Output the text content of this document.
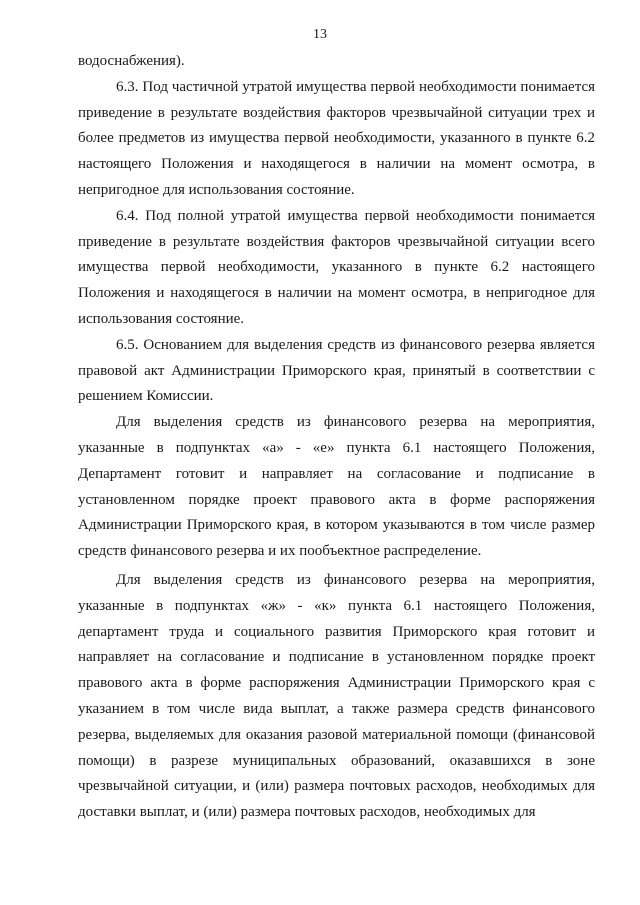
13

водоснабжения).

6.3. Под частичной утратой имущества первой необходимости понимается приведение в результате воздействия факторов чрезвычайной ситуации трех и более предметов из имущества первой необходимости, указанного в пункте 6.2 настоящего Положения и находящегося в наличии на момент осмотра, в непригодное для использования состояние.

6.4. Под полной утратой имущества первой необходимости понимается приведение в результате воздействия факторов чрезвычайной ситуации всего имущества первой необходимости, указанного в пункте 6.2 настоящего Положения и находящегося в наличии на момент осмотра, в непригодное для использования состояние.

6.5. Основанием для выделения средств из финансового резерва является правовой акт Администрации Приморского края, принятый в соответствии с решением Комиссии.

Для выделения средств из финансового резерва на мероприятия, указанные в подпунктах «а» - «е» пункта 6.1 настоящего Положения, Департамент готовит и направляет на согласование и подписание в установленном порядке проект правового акта в форме распоряжения Администрации Приморского края, в котором указываются в том числе размер средств финансового резерва и их пообъектное распределение.

Для выделения средств из финансового резерва на мероприятия, указанные в подпунктах «ж» - «к» пункта 6.1 настоящего Положения, департамент труда и социального развития Приморского края готовит и направляет на согласование и подписание в установленном порядке проект правового акта в форме распоряжения Администрации Приморского края с указанием в том числе вида выплат, а также размера средств финансового резерва, выделяемых для оказания разовой материальной помощи (финансовой помощи) в разрезе муниципальных образований, оказавшихся в зоне чрезвычайной ситуации, и (или) размера почтовых расходов, необходимых для доставки выплат, и (или) размера почтовых расходов, необходимых для
